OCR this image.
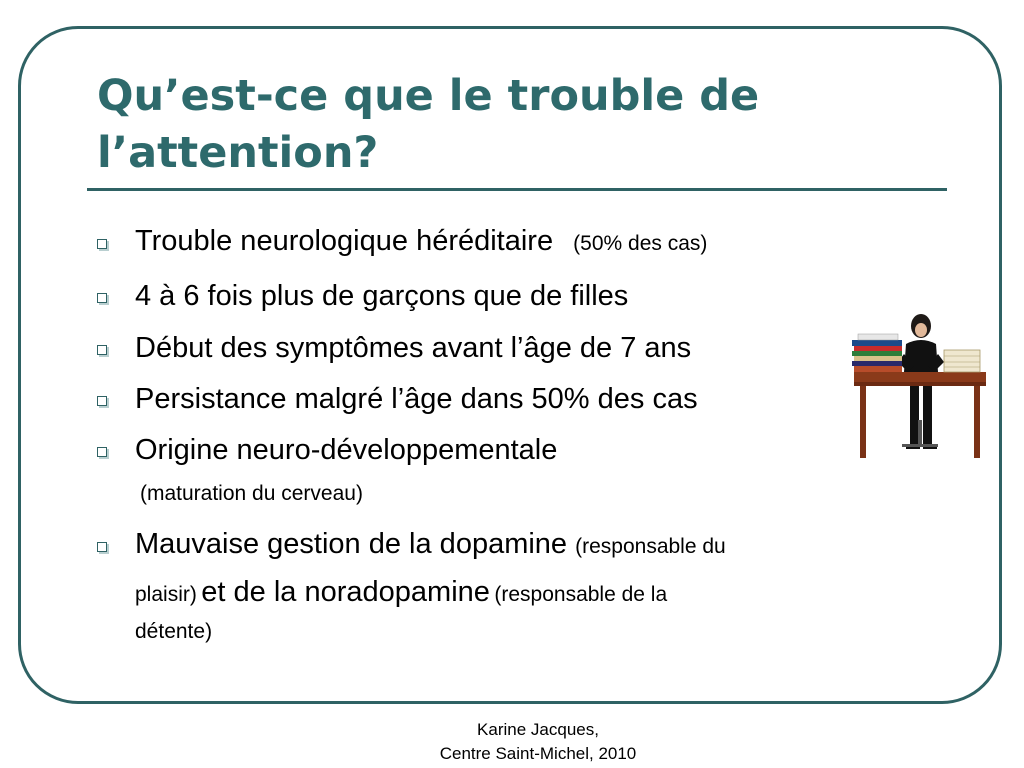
Qu’est-ce que le trouble de l’attention?
Trouble neurologique héréditaire (50% des cas)
4 à 6 fois plus de garçons que de filles
Début des symptômes avant l’âge de 7 ans
Persistance malgré l’âge dans 50% des cas
Origine neuro-développementale
Mauvaise gestion de la dopamine (responsable du
(maturation du cerveau)
plaisir) et de la noradopamine (responsable de la
détente)
Karine Jacques,
Centre Saint-Michel, 2010
